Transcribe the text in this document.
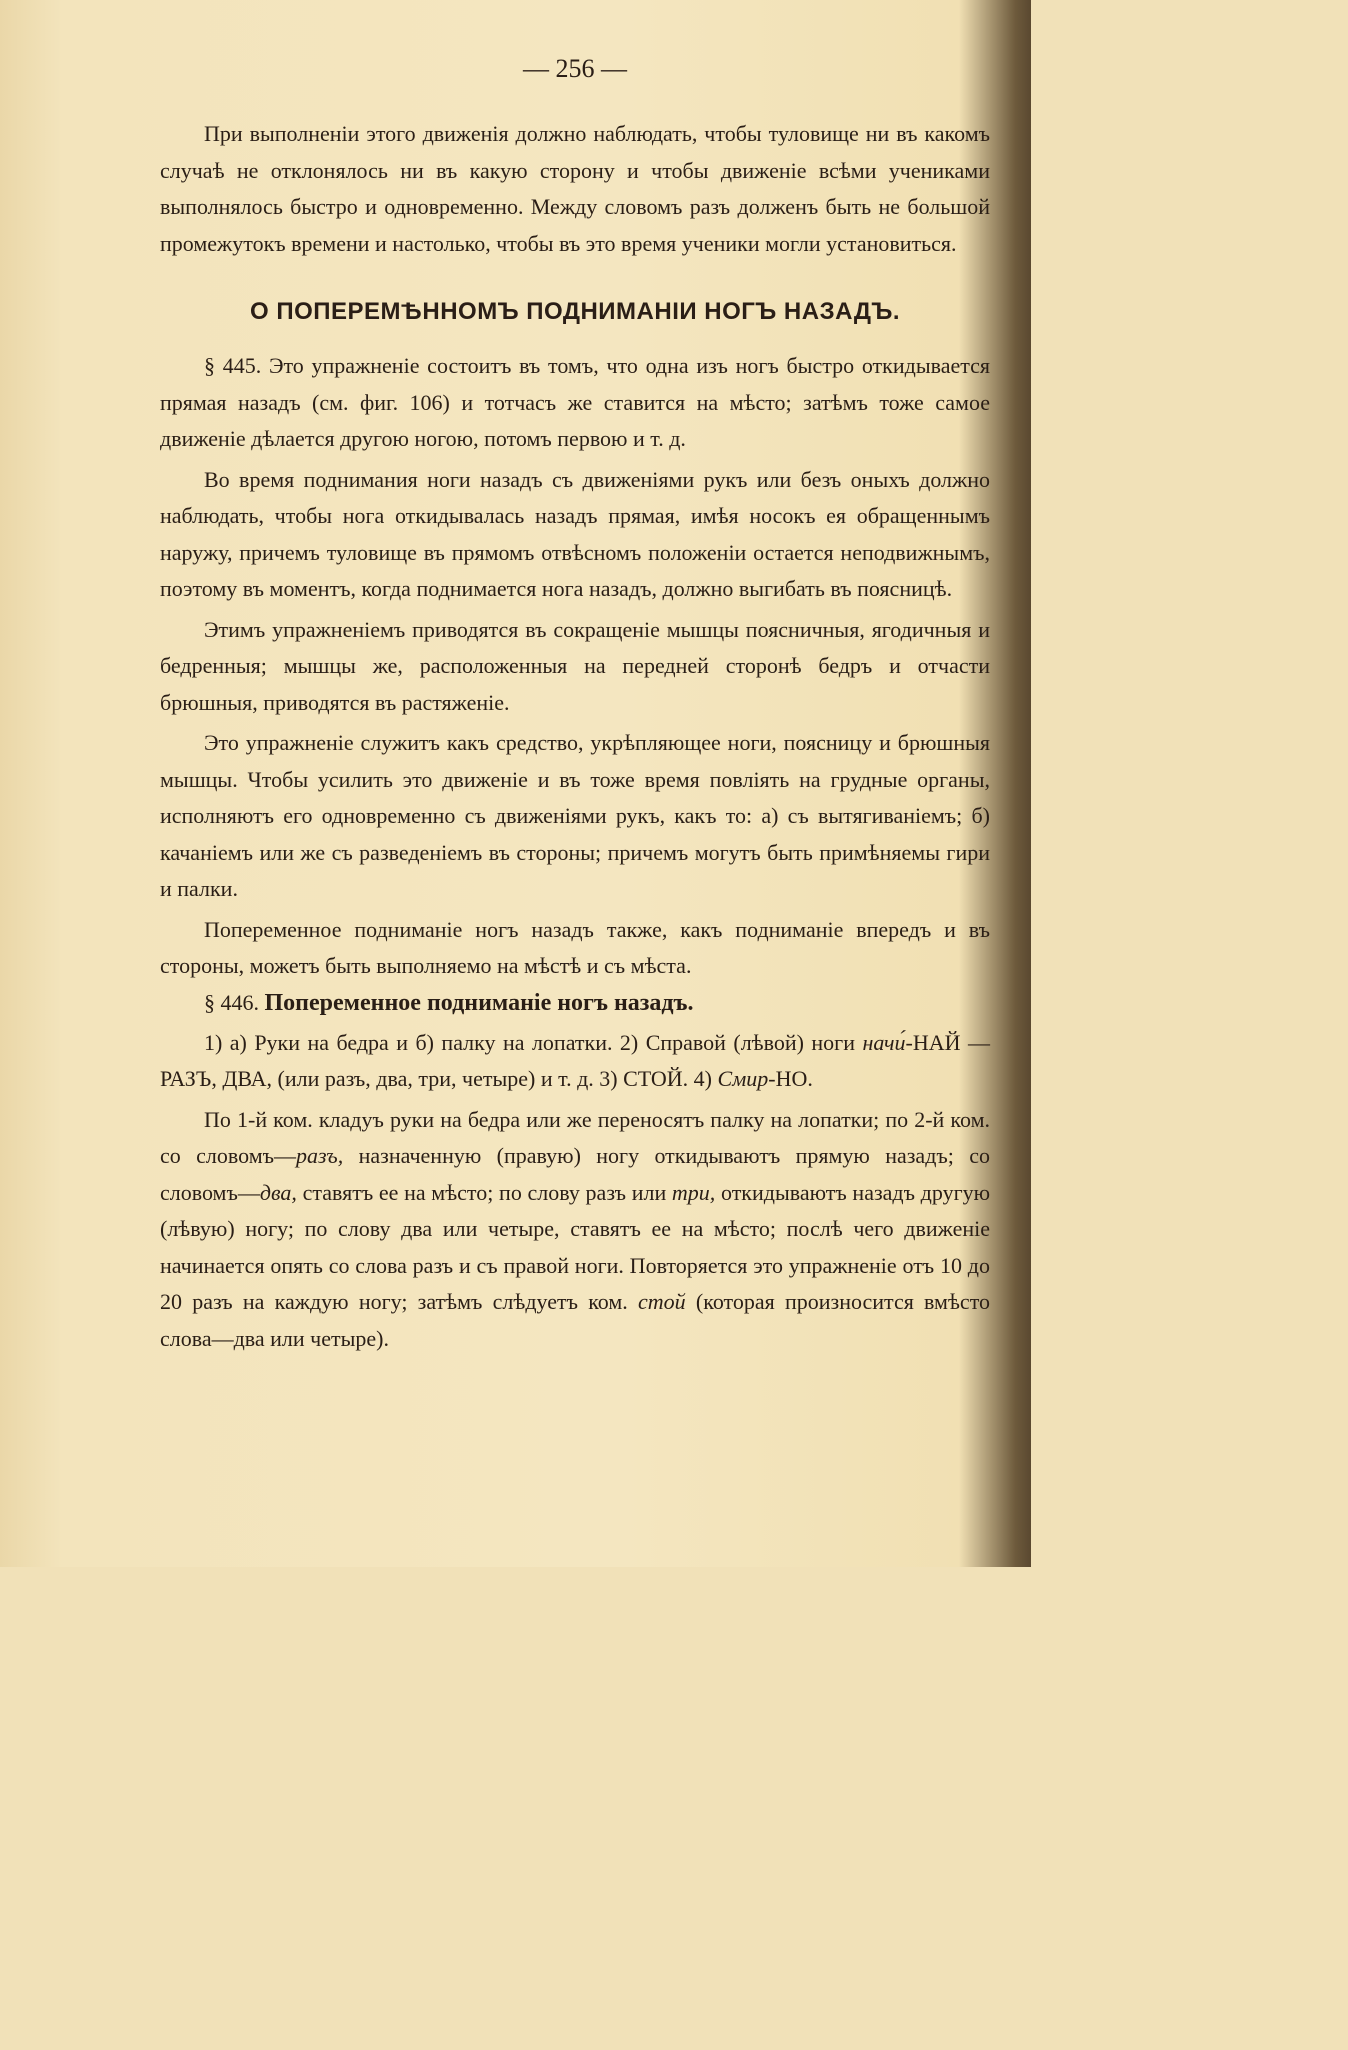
— 256 —

При выполненіи этого движенія должно наблюдать, чтобы туловище ни въ какомъ случаѣ не отклонялось ни въ какую сторону и чтобы движеніе всѣми учениками выполнялось быстро и одновременно. Между словомъ разъ долженъ быть не большой промежутокъ времени и настолько, чтобы въ это время ученики могли установиться.

О ПОПЕРЕМѢННОМЪ ПОДНИМАНІИ НОГЪ НАЗАДЪ.

§ 445. Это упражненіе состоитъ въ томъ, что одна изъ ногъ быстро откидывается прямая назадъ (см. фиг. 106) и тотчасъ же ставится на мѣсто; затѣмъ тоже самое движеніе дѣлается другою ногою, потомъ первою и т. д.

Во время поднимания ноги назадъ съ движеніями рукъ или безъ оныхъ должно наблюдать, чтобы нога откидывалась назадъ прямая, имѣя носокъ ея обращеннымъ наружу, причемъ туловище въ прямомъ отвѣсномъ положеніи остается неподвижнымъ, поэтому въ моментъ, когда поднимается нога назадъ, должно выгибать въ поясницѣ.

Этимъ упражненіемъ приводятся въ сокращеніе мышцы поясничныя, ягодичныя и бедренныя; мышцы же, расположенныя на передней сторонѣ бедръ и отчасти брюшныя, приводятся въ растяженіе.

Это упражненіе служитъ какъ средство, укрѣпляющее ноги, поясницу и брюшныя мышцы. Чтобы усилить это движеніе и въ тоже время повліять на грудные органы, исполняютъ его одновременно съ движеніями рукъ, какъ то: а) съ вытягиваніемъ; б) качаніемъ или же съ разведеніемъ въ стороны; причемъ могутъ быть примѣняемы гири и палки.

Попеременное подниманіе ногъ назадъ также, какъ подниманіе впередъ и въ стороны, можетъ быть выполняемо на мѣстѣ и съ мѣста.

§ 446. Попеременное подниманіе ногъ назадъ.

1) а) Руки на бедра и б) палку на лопатки. 2) Справой (лѣвой) ноги начи́-НАЙ — РАЗЪ, ДВА, (или разъ, два, три, четыре) и т. д. 3) СТОЙ. 4) Смир-НО.

По 1-й ком. кладуъ руки на бедра или же переносятъ палку на лопатки; по 2-й ком. со словомъ—разъ, назначенную (правую) ногу откидываютъ прямую назадъ; со словомъ—два, ставятъ ее на мѣсто; по слову разъ или три, откидываютъ назадъ другую (лѣвую) ногу; по слову два или четыре, ставятъ ее на мѣсто; послѣ чего движеніе начинается опять со слова разъ и съ правой ноги. Повторяется это упражненіе отъ 10 до 20 разъ на каждую ногу; затѣмъ слѣдуетъ ком. стой (которая произносится вмѣсто слова—два или четыре).
